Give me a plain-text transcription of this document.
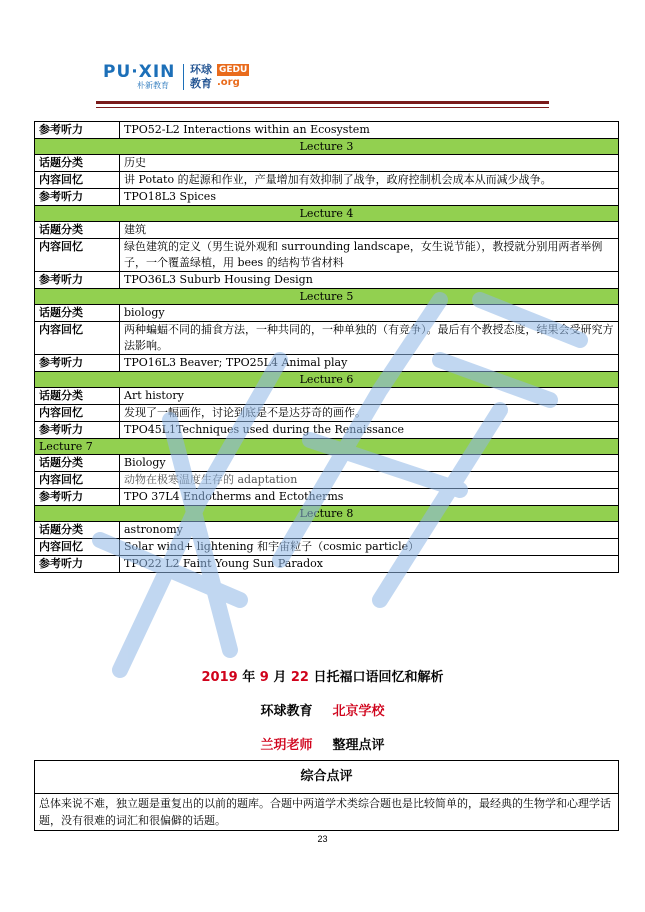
PU·XIN
朴新教育
环球教育
GEDU
.org
参考听力	TPO52-L2 Interactions within an Ecosystem
Lecture 3	
话题分类	历史
内容回忆	讲 Potato 的起源和作业，产量增加有效抑制了战争，政府控制机会成本从而减少战争。
参考听力	TPO18L3 Spices
Lecture 4	
话题分类	建筑
内容回忆	绿色建筑的定义（男生说外观和 surrounding landscape，女生说节能），教授就分别用两者举例子，一个覆盖绿植，用 bees 的结构节省材料
参考听力	TPO36L3 Suburb Housing Design
Lecture 5	
话题分类	biology
内容回忆	两种蝙蝠不同的捕食方法，一种共同的，一种单独的（有竞争）。最后有个教授态度，结果会受研究方法影响。
参考听力	TPO16L3 Beaver; TPO25L4 Animal play
Lecture 6	
话题分类	Art history
内容回忆	发现了一幅画作，讨论到底是不是达芬奇的画作。
参考听力	TPO45L1Techniques used during the Renaissance
Lecture 7	
话题分类	Biology
内容回忆	动物在极寒温度生存的 adaptation
参考听力	TPO 37L4 Endotherms and Ectotherms
Lecture 8	
话题分类	astronomy
内容回忆	Solar wind+ lightening 和宇宙粒子（cosmic particle）
参考听力	TPO22 L2 Faint Young Sun Paradox
2019 年 9 月 22 日托福口语回忆和解析
环球教育 北京学校
兰玥老师 整理点评
综合点评
总体来说不难，独立题是重复出的以前的题库。合题中两道学术类综合题也是比较简单的，最经典的生物学和心理学话题，没有很难的词汇和很偏僻的话题。
23
